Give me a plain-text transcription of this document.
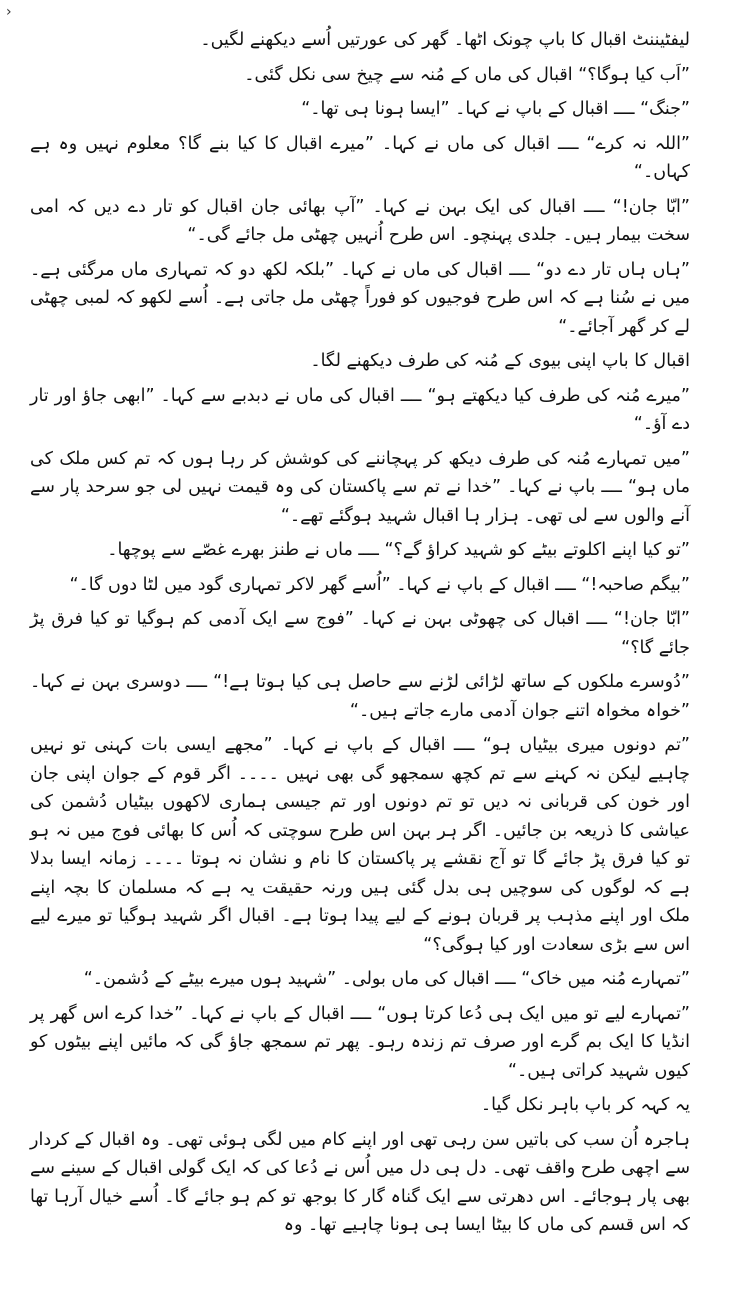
›

لیفٹیننٹ اقبال کا باپ چونک اٹھا۔ گھر کی عورتیں اُسے دیکھنے لگیں۔

”اَب کیا ہوگا؟“ اقبال کی ماں کے مُنہ سے چیخ سی نکل گئی۔

”جنگ“ ــــ اقبال کے باپ نے کہا۔ ”ایسا ہونا ہی تھا۔“

”اللہ نہ کرے“ ــــ اقبال کی ماں نے کہا۔ ”میرے اقبال کا کیا بنے گا؟ معلوم نہیں وہ ہے کہاں۔“

”ابّا جان!“ ــــ اقبال کی ایک بہن نے کہا۔ ”آپ بھائی جان اقبال کو تار دے دیں کہ امی سخت بیمار ہیں۔ جلدی پہنچو۔ اس طرح اُنہیں چھٹی مل جائے گی۔“

”ہاں ہاں تار دے دو“ ــــ اقبال کی ماں نے کہا۔ ”بلکہ لکھ دو کہ تمہاری ماں مرگئی ہے۔ میں نے سُنا ہے کہ اس طرح فوجیوں کو فوراً چھٹی مل جاتی ہے۔ اُسے لکھو کہ لمبی چھٹی لے کر گھر آجائے۔“

اقبال کا باپ اپنی بیوی کے مُنہ کی طرف دیکھنے لگا۔

”میرے مُنہ کی طرف کیا دیکھتے ہو“ ــــ اقبال کی ماں نے دبدبے سے کہا۔ ”ابھی جاؤ اور تار دے آؤ۔“

”میں تمہارے مُنہ کی طرف دیکھ کر پہچاننے کی کوشش کر رہا ہوں کہ تم کس ملک کی ماں ہو“ ــــ باپ نے کہا۔ ”خدا نے تم سے پاکستان کی وہ قیمت نہیں لی جو سرحد پار سے آنے والوں سے لی تھی۔ ہزار ہا اقبال شہید ہوگئے تھے۔“

”تو کیا اپنے اکلوتے بیٹے کو شہید کراؤ گے؟“ ــــ ماں نے طنز بھرے غصّے سے پوچھا۔

”بیگم صاحبہ!“ ــــ اقبال کے باپ نے کہا۔ ”اُسے گھر لاکر تمہاری گود میں لٹا دوں گا۔“

”ابّا جان!“ ــــ اقبال کی چھوٹی بہن نے کہا۔ ”فوج سے ایک آدمی کم ہوگیا تو کیا فرق پڑ جائے گا؟“

”دُوسرے ملکوں کے ساتھ لڑائی لڑنے سے حاصل ہی کیا ہوتا ہے!“ ــــ دوسری بہن نے کہا۔ ”خواہ مخواہ اتنے جوان آدمی مارے جاتے ہیں۔“

”تم دونوں میری بیٹیاں ہو“ ــــ اقبال کے باپ نے کہا۔ ”مجھے ایسی بات کہنی تو نہیں چاہیے لیکن نہ کہنے سے تم کچھ سمجھو گی بھی نہیں ۔۔۔۔ اگر قوم کے جوان اپنی جان اور خون کی قربانی نہ دیں تو تم دونوں اور تم جیسی ہماری لاکھوں بیٹیاں دُشمن کی عیاشی کا ذریعہ بن جائیں۔ اگر ہر بہن اس طرح سوچتی کہ اُس کا بھائی فوج میں نہ ہو تو کیا فرق پڑ جائے گا تو آج نقشے پر پاکستان کا نام و نشان نہ ہوتا ۔۔۔۔ زمانہ ایسا بدلا ہے کہ لوگوں کی سوچیں ہی بدل گئی ہیں ورنہ حقیقت یہ ہے کہ مسلمان کا بچہ اپنے ملک اور اپنے مذہب پر قربان ہونے کے لیے پیدا ہوتا ہے۔ اقبال اگر شہید ہوگیا تو میرے لیے اس سے بڑی سعادت اور کیا ہوگی؟“

”تمہارے مُنہ میں خاک“ ــــ اقبال کی ماں بولی۔ ”شہید ہوں میرے بیٹے کے دُشمن۔“

”تمہارے لیے تو میں ایک ہی دُعا کرتا ہوں“ ــــ اقبال کے باپ نے کہا۔ ”خدا کرے اس گھر پر انڈیا کا ایک بم گرے اور صرف تم زندہ رہو۔ پھر تم سمجھ جاؤ گی کہ مائیں اپنے بیٹوں کو کیوں شہید کراتی ہیں۔“

یہ کہہ کر باپ باہر نکل گیا۔

ہاجرہ اُن سب کی باتیں سن رہی تھی اور اپنے کام میں لگی ہوئی تھی۔ وہ اقبال کے کردار سے اچھی طرح واقف تھی۔ دل ہی دل میں اُس نے دُعا کی کہ ایک گولی اقبال کے سینے سے بھی پار ہوجائے۔ اس دھرتی سے ایک گناہ گار کا بوجھ تو کم ہو جائے گا۔ اُسے خیال آرہا تھا کہ اس قسم کی ماں کا بیٹا ایسا ہی ہونا چاہیے تھا۔ وہ
